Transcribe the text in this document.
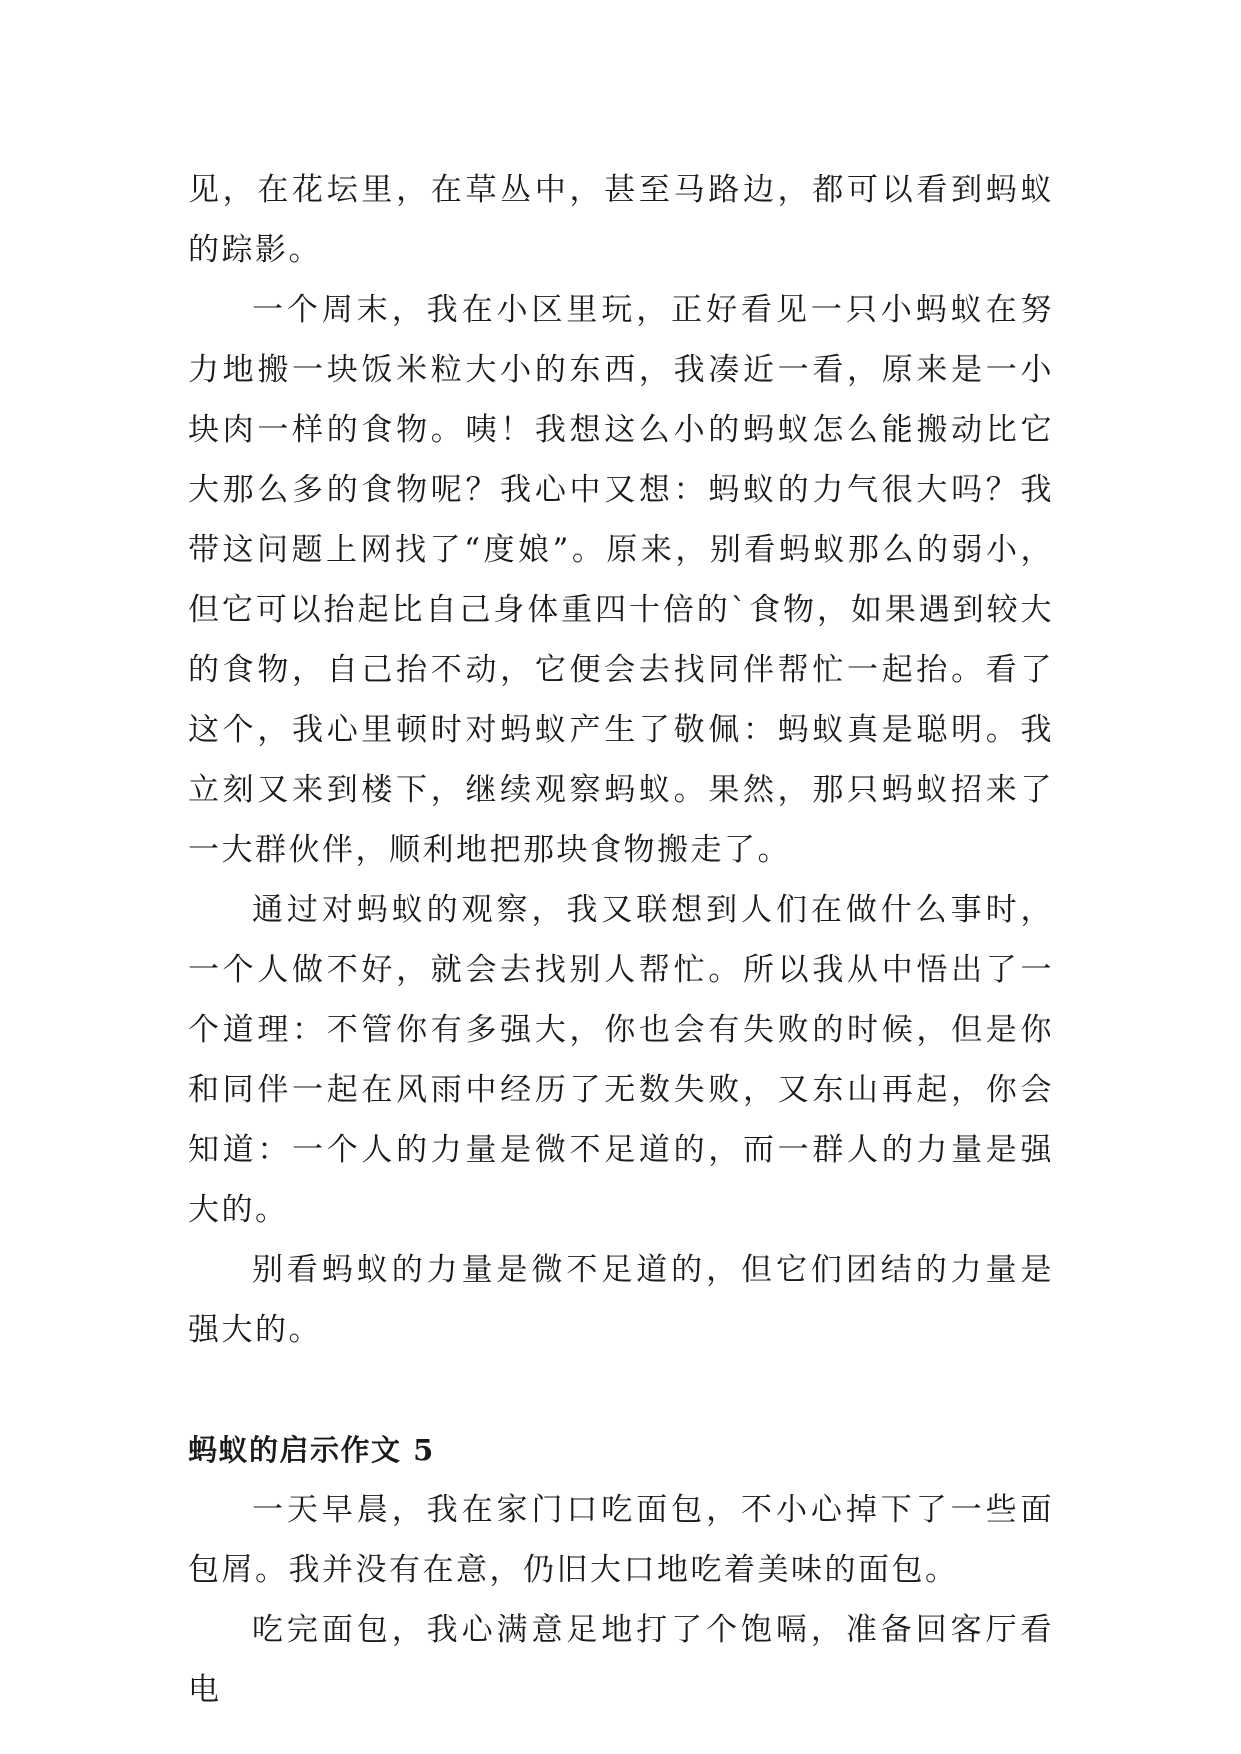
见，在花坛里，在草丛中，甚至马路边，都可以看到蚂蚁的踪影。

一个周末，我在小区里玩，正好看见一只小蚂蚁在努力地搬一块饭米粒大小的东西，我凑近一看，原来是一小块肉一样的食物。咦！我想这么小的蚂蚁怎么能搬动比它大那么多的食物呢？我心中又想：蚂蚁的力气很大吗？我带这问题上网找了“度娘”。原来，别看蚂蚁那么的弱小，但它可以抬起比自己身体重四十倍的`食物，如果遇到较大的食物，自己抬不动，它便会去找同伴帮忙一起抬。看了这个，我心里顿时对蚂蚁产生了敬佩：蚂蚁真是聪明。我立刻又来到楼下，继续观察蚂蚁。果然，那只蚂蚁招来了一大群伙伴，顺利地把那块食物搬走了。

通过对蚂蚁的观察，我又联想到人们在做什么事时，一个人做不好，就会去找别人帮忙。所以我从中悟出了一个道理：不管你有多强大，你也会有失败的时候，但是你和同伴一起在风雨中经历了无数失败，又东山再起，你会知道：一个人的力量是微不足道的，而一群人的力量是强大的。

别看蚂蚁的力量是微不足道的，但它们团结的力量是强大的。

蚂蚁的启示作文 5

一天早晨，我在家门口吃面包，不小心掉下了一些面包屑。我并没有在意，仍旧大口地吃着美味的面包。

吃完面包，我心满意足地打了个饱嗝，准备回客厅看电
